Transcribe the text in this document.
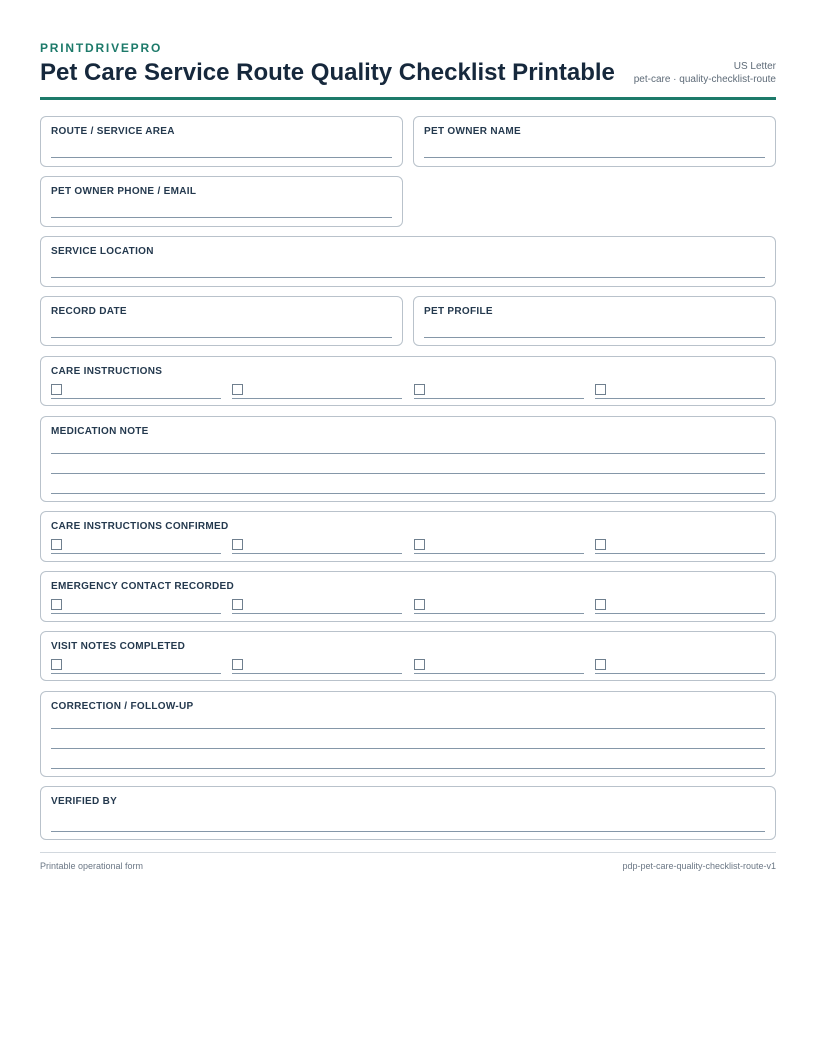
PRINTDRIVEPRO
Pet Care Service Route Quality Checklist Printable	US Letter
pet-care · quality-checklist-route
ROUTE / SERVICE AREA	PET OWNER NAME
PET OWNER PHONE / EMAIL
SERVICE LOCATION
RECORD DATE	PET PROFILE
CARE INSTRUCTIONS
MEDICATION NOTE
CARE INSTRUCTIONS CONFIRMED
EMERGENCY CONTACT RECORDED
VISIT NOTES COMPLETED
CORRECTION / FOLLOW-UP
VERIFIED BY
Printable operational form	pdp-pet-care-quality-checklist-route-v1
